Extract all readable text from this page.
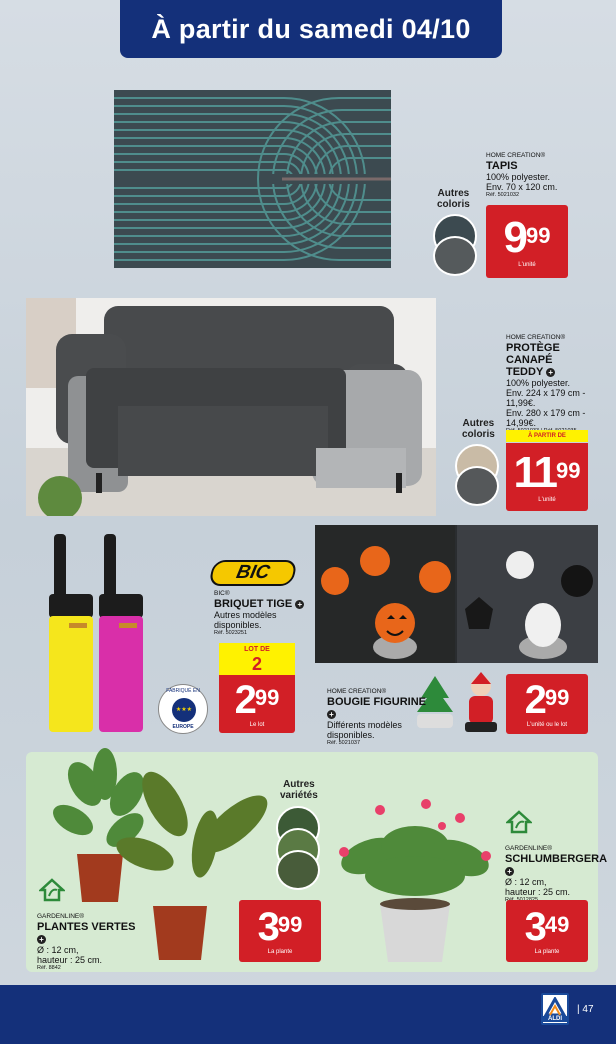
À partir du samedi 04/10
Autres
coloris
HOME CREATION®
TAPIS
100% polyester.
Env. 70 x 120 cm.
Réf. 5021032
$9^{99}$
L'unité
Autres
coloris
HOME CREATION®
PROTÈGE CANAPÉ
TEDDY +
100% polyester.
Env. 224 x 179 cm -
11,99€.
Env. 280 x 179 cm -
14,99€.
À PARTIR DE
$11^{99}$
L'unité
BIC
BIC®
BRIQUET TIGE +
Autres modèles
disponibles.
Réf. 5023251
LOT DE
2
$2^{99}$
Le lot
FABRIQUÉ EN
★★★
EUROPE
HOME CREATION®
BOUGIE FIGURINE +
Différents modèles
disponibles.
Réf. 5021037
$2^{99}$
L'unité ou le lot
Autres
variétés
GARDENLINE®
PLANTES VERTES +
Ø : 12 cm,
hauteur : 25 cm.
Réf. 8842
$3^{99}$
La plante
GARDENLINE®
SCHLUMBERGERA +
Ø : 12 cm,
hauteur : 25 cm.
$3^{49}$
La plante
ALDI
| 47
